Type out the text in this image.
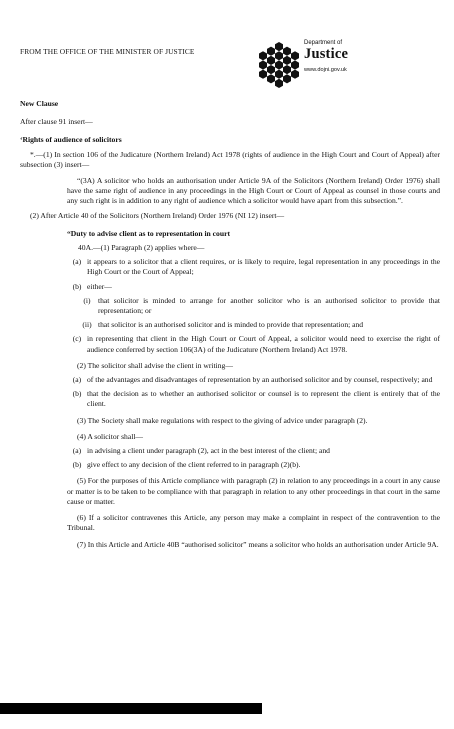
FROM THE OFFICE OF THE MINISTER OF JUSTICE
Department of
Justice
www.dojni.gov.uk

New Clause

After clause 91 insert—

‘Rights of audience of solicitors

*.—(1) In section 106 of the Judicature (Northern Ireland) Act 1978 (rights of audience in the High Court and Court of Appeal) after subsection (3) insert—

“(3A) A solicitor who holds an authorisation under Article 9A of the Solicitors (Northern Ireland) Order 1976) shall have the same right of audience in any proceedings in the High Court or Court of Appeal as counsel in those courts and any such right is in addition to any right of audience which a solicitor would have apart from this subsection.”.

(2) After Article 40 of the Solicitors (Northern Ireland) Order 1976 (NI 12) insert—

“Duty to advise client as to representation in court

40A.—(1) Paragraph (2) applies where—

(a) it appears to a solicitor that a client requires, or is likely to require, legal representation in any proceedings in the High Court or the Court of Appeal;
(b) either—
(i) that solicitor is minded to arrange for another solicitor who is an authorised solicitor to provide that representation; or
(ii) that solicitor is an authorised solicitor and is minded to provide that representation; and
(c) in representing that client in the High Court or Court of Appeal, a solicitor would need to exercise the right of audience conferred by section 106(3A) of the Judicature (Northern Ireland) Act 1978.

(2) The solicitor shall advise the client in writing—

(a) of the advantages and disadvantages of representation by an authorised solicitor and by counsel, respectively; and
(b) that the decision as to whether an authorised solicitor or counsel is to represent the client is entirely that of the client.

(3) The Society shall make regulations with respect to the giving of advice under paragraph (2).

(4) A solicitor shall—

(a) in advising a client under paragraph (2), act in the best interest of the client; and
(b) give effect to any decision of the client referred to in paragraph (2)(b).

(5) For the purposes of this Article compliance with paragraph (2) in relation to any proceedings in a court in any cause or matter is to be taken to be compliance with that paragraph in relation to any other proceedings in that court in the same cause or matter.

(6) If a solicitor contravenes this Article, any person may make a complaint in respect of the contravention to the Tribunal.

(7) In this Article and Article 40B “authorised solicitor” means a solicitor who holds an authorisation under Article 9A.
